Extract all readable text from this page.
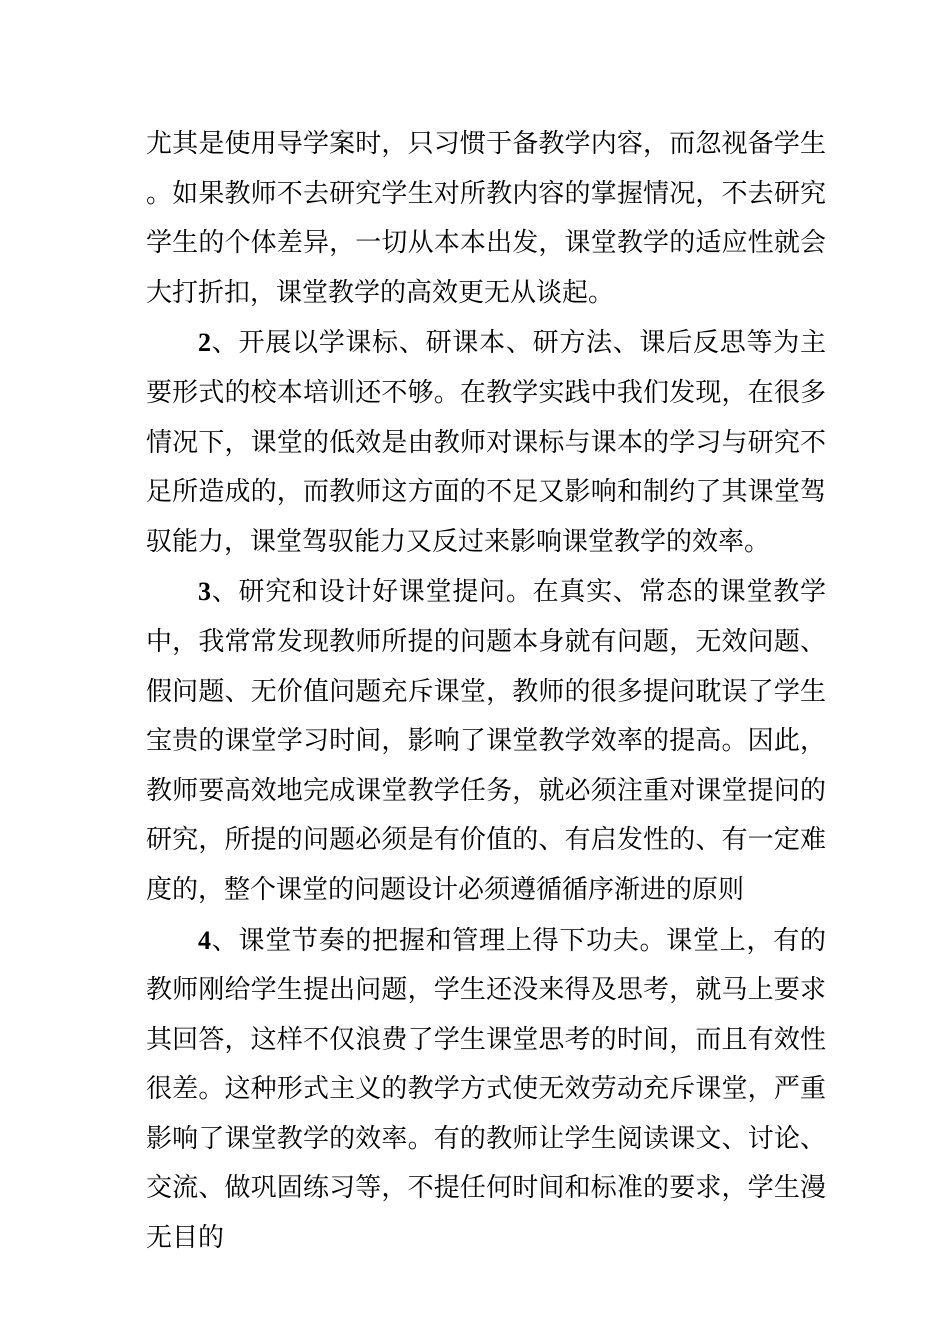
尤其是使用导学案时，只习惯于备教学内容，而忽视备学生。如果教师不去研究学生对所教内容的掌握情况，不去研究学生的个体差异，一切从本本出发，课堂教学的适应性就会大打折扣，课堂教学的高效更无从谈起。

2、开展以学课标、研课本、研方法、课后反思等为主要形式的校本培训还不够。在教学实践中我们发现，在很多情况下，课堂的低效是由教师对课标与课本的学习与研究不足所造成的，而教师这方面的不足又影响和制约了其课堂驾驭能力，课堂驾驭能力又反过来影响课堂教学的效率。

3、研究和设计好课堂提问。在真实、常态的课堂教学中，我常常发现教师所提的问题本身就有问题，无效问题、假问题、无价值问题充斥课堂，教师的很多提问耽误了学生宝贵的课堂学习时间，影响了课堂教学效率的提高。因此，教师要高效地完成课堂教学任务，就必须注重对课堂提问的研究，所提的问题必须是有价值的、有启发性的、有一定难度的，整个课堂的问题设计必须遵循循序渐进的原则

4、课堂节奏的把握和管理上得下功夫。课堂上，有的教师刚给学生提出问题，学生还没来得及思考，就马上要求其回答，这样不仅浪费了学生课堂思考的时间，而且有效性很差。这种形式主义的教学方式使无效劳动充斥课堂，严重影响了课堂教学的效率。有的教师让学生阅读课文、讨论、交流、做巩固练习等，不提任何时间和标准的要求，学生漫无目的
